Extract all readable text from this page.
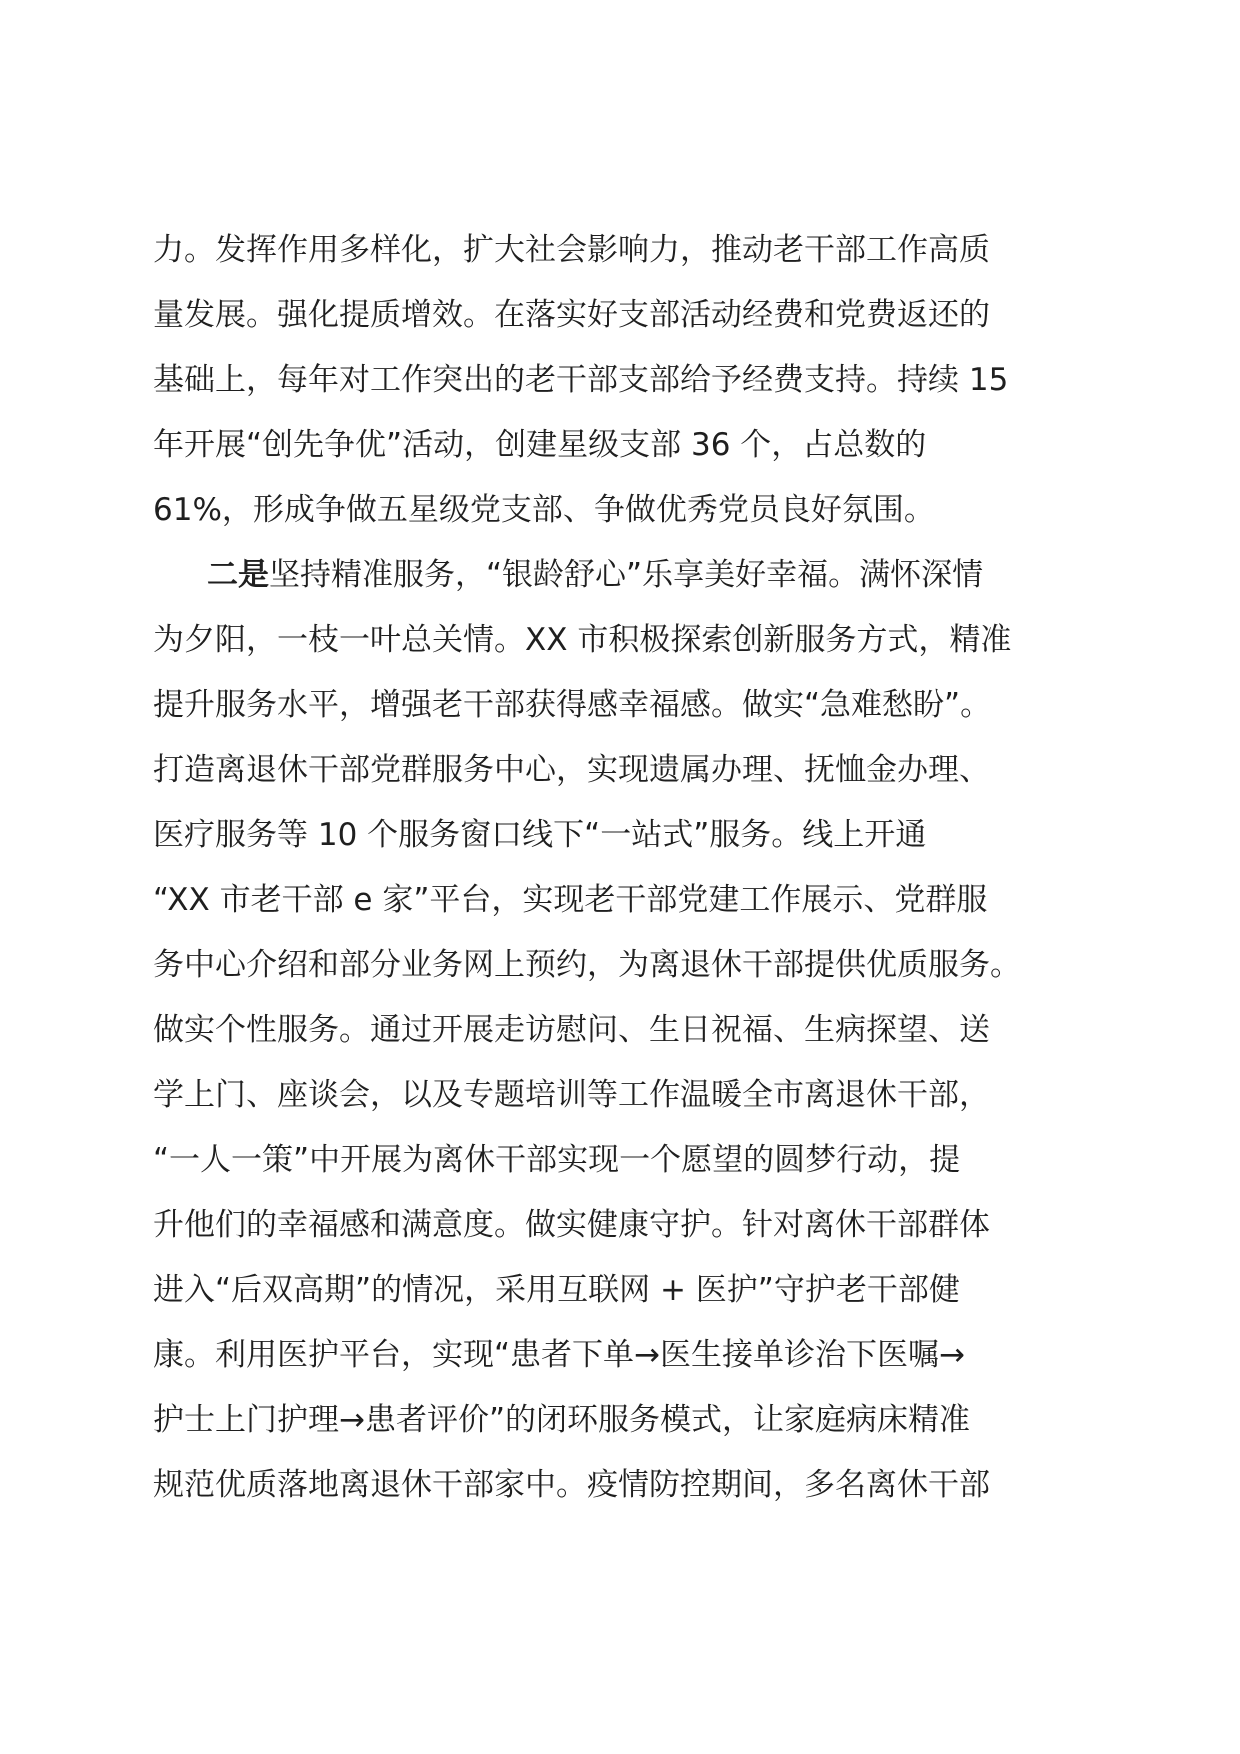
力。发挥作用多样化，扩大社会影响力，推动老干部工作高质
量发展。强化提质增效。在落实好支部活动经费和党费返还的
基础上，每年对工作突出的老干部支部给予经费支持。持续 15
年开展“创先争优”活动，创建星级支部 36 个，占总数的
61%，形成争做五星级党支部、争做优秀党员良好氛围。
二是坚持精准服务，“银龄舒心”乐享美好幸福。满怀深情
为夕阳，一枝一叶总关情。XX 市积极探索创新服务方式，精准
提升服务水平，增强老干部获得感幸福感。做实“急难愁盼”。
打造离退休干部党群服务中心，实现遗属办理、抚恤金办理、
医疗服务等 10 个服务窗口线下“一站式”服务。线上开通
“XX 市老干部 e 家”平台，实现老干部党建工作展示、党群服
务中心介绍和部分业务网上预约，为离退休干部提供优质服务。
做实个性服务。通过开展走访慰问、生日祝福、生病探望、送
学上门、座谈会，以及专题培训等工作温暖全市离退休干部，
“一人一策”中开展为离休干部实现一个愿望的圆梦行动，提
升他们的幸福感和满意度。做实健康守护。针对离休干部群体
进入“后双高期”的情况，采用互联网 + 医护”守护老干部健
康。利用医护平台，实现“患者下单→医生接单诊治下医嘱→
护士上门护理→患者评价”的闭环服务模式，让家庭病床精准
规范优质落地离退休干部家中。疫情防控期间，多名离休干部
